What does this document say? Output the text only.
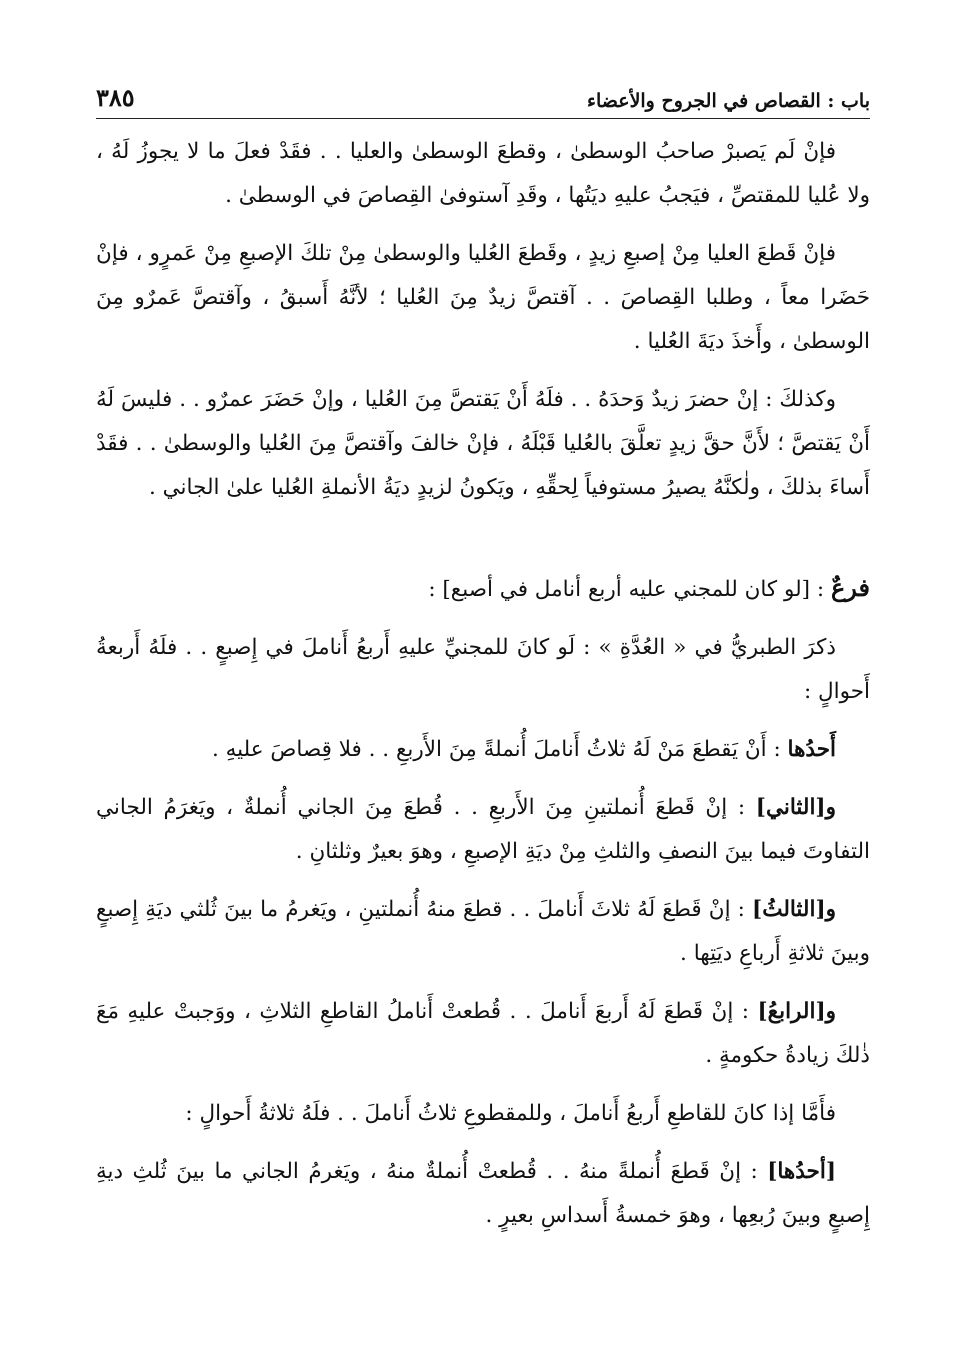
باب : القصاص في الجروح والأعضاء
٣٨٥

فإنْ لَم يَصبرْ صاحبُ الوسطىٰ ، وقطعَ الوسطىٰ والعليا . . فقَدْ فعلَ ما لا يجوزُ لَهُ ، ولا عُليا للمقتصِّ ، فيَجبُ عليهِ ديَتُها ، وقَدِ آستوفىٰ القِصاصَ في الوسطىٰ .

فإنْ قَطعَ العليا مِنْ إصبعِ زيدٍ ، وقَطعَ العُليا والوسطىٰ مِنْ تلكَ الإصبعِ مِنْ عَمرٍو ، فإنْ حَضَرا معاً ، وطلبا القِصاصَ . . آقتصَّ زيدٌ مِنَ العُليا ؛ لأنَّهُ أَسبقُ ، وآقتصَّ عَمرٌو مِنَ الوسطىٰ ، وأَخذَ ديَةَ العُليا .

وكذلكَ : إنْ حضرَ زيدٌ وَحدَهُ . . فلَهُ أَنْ يَقتصَّ مِنَ العُليا ، وإنْ حَضَرَ عمرٌو . . فليسَ لَهُ أَنْ يَقتصَّ ؛ لأَنَّ حقَّ زيدٍ تعلَّقَ بالعُليا قَبْلَهُ ، فإنْ خالفَ وآقتصَّ مِنَ العُليا والوسطىٰ . . فقَدْ أَساءَ بذلكَ ، ولٰكنَّهُ يصيرُ مستوفياً لِحقِّهِ ، ويَكونُ لزيدٍ ديَةُ الأنملةِ العُليا علىٰ الجاني .

فرعٌ : [لو كان للمجني عليه أربع أنامل في أصبع] :

ذكرَ الطبريُّ في « العُدَّةِ » : لَو كانَ للمجنيِّ عليهِ أَربعُ أَناملَ في إِصبعٍ . . فلَهُ أَربعةُ أَحوالٍ :

أَحدُها : أَنْ يَقطعَ مَنْ لَهُ ثلاثُ أَناملَ أُنملةً مِنَ الأَربعِ . . فلا قِصاصَ عليهِ .

و[الثاني] : إنْ قَطعَ أُنملتينِ مِنَ الأَربعِ . . قُطعَ مِنَ الجاني أُنملةٌ ، ويَغرَمُ الجاني التفاوتَ فيما بينَ النصفِ والثلثِ مِنْ ديَةِ الإصبعِ ، وهوَ بعيرٌ وثلثانِ .

و[الثالثُ] : إنْ قَطعَ لَهُ ثلاثَ أَناملَ . . قطعَ منهُ أُنملتينِ ، ويَغرمُ ما بينَ ثُلثي ديَةِ إِصبعٍ وبينَ ثلاثةِ أَرباعِ ديَتِها .

و[الرابعُ] : إنْ قَطعَ لَهُ أَربعَ أَناملَ . . قُطعتْ أَناملُ القاطعِ الثلاثِ ، ووَجبتْ عليهِ مَعَ ذٰلكَ زيادةُ حكومةٍ .

فأَمَّا إذا كانَ للقاطعِ أَربعُ أَناملَ ، وللمقطوعِ ثلاثُ أَناملَ . . فلَهُ ثلاثةُ أَحوالٍ :

[أحدُها] : إنْ قَطعَ أُنملةً منهُ . . قُطعتْ أُنملةٌ منهُ ، ويَغرمُ الجاني ما بينَ ثُلثِ ديةِ إِصبعٍ وبينَ رُبعِها ، وهوَ خمسةُ أَسداسِ بعيرٍ .
